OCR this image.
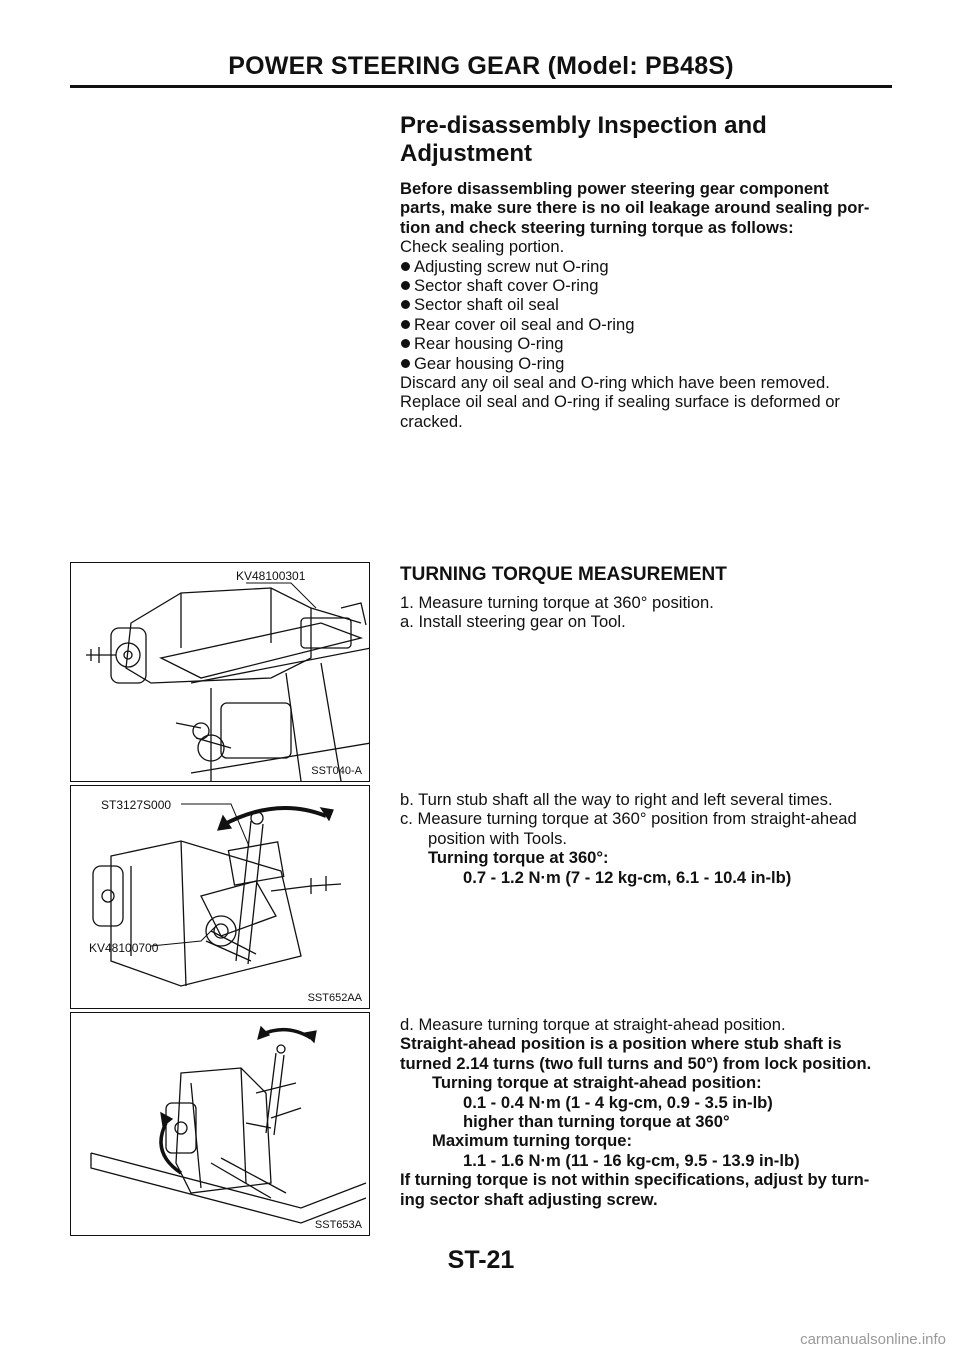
POWER STEERING GEAR (Model: PB48S)
Pre-disassembly Inspection and Adjustment

Before disassembling power steering gear component

parts, make sure there is no oil leakage around sealing por-

tion and check steering turning torque as follows:

Check sealing portion.

Adjusting screw nut O-ring

Sector shaft cover O-ring

Sector shaft oil seal

Rear cover oil seal and O-ring

Rear housing O-ring

Gear housing O-ring

Discard any oil seal and O-ring which have been removed.

Replace oil seal and O-ring if sealing surface is deformed or

cracked.

TURNING TORQUE MEASUREMENT

1. Measure turning torque at 360° position.

a. Install steering gear on Tool.

b. Turn stub shaft all the way to right and left several times.

c. Measure turning torque at 360° position from straight-ahead

position with Tools.

Turning torque at 360°:

0.7 - 1.2 N·m (7 - 12 kg-cm, 6.1 - 10.4 in-lb)

d. Measure turning torque at straight-ahead position.

Straight-ahead position is a position where stub shaft is

turned 2.14 turns (two full turns and 50°) from lock position.

Turning torque at straight-ahead position:

0.1 - 0.4 N·m (1 - 4 kg-cm, 0.9 - 3.5 in-lb)

higher than turning torque at 360°

Maximum turning torque:

1.1 - 1.6 N·m (11 - 16 kg-cm, 9.5 - 13.9 in-lb)

If turning torque is not within specifications, adjust by turn-

ing sector shaft adjusting screw.

KV48100301
SST040-A
ST3127S000
KV48100700
SST652AA
SST653A
ST-21
carmanualsonline.info
